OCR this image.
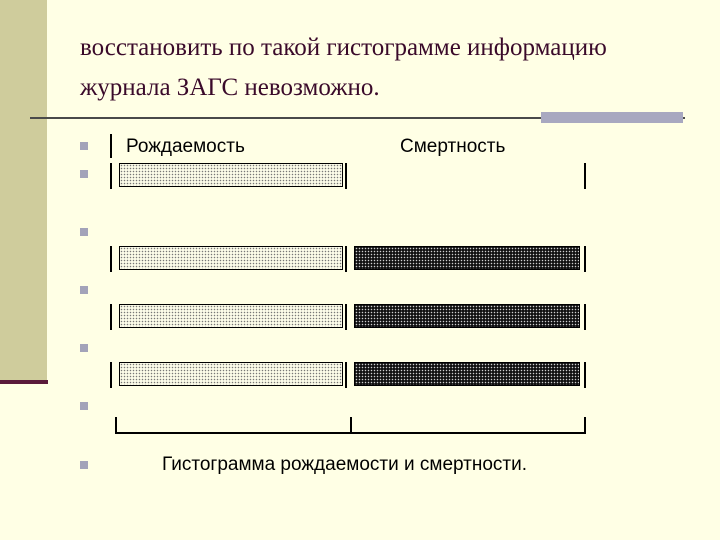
восстановить по такой гистограмме информацию
журнала ЗАГС невозможно.
Рождаемость	Смертность
Гистограмма рождаемости и смертности.
